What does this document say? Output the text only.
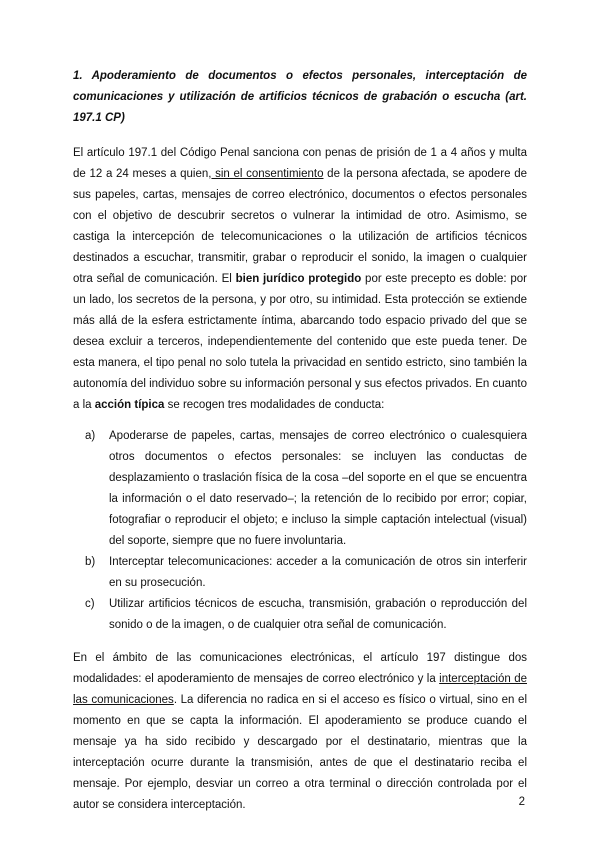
1. Apoderamiento de documentos o efectos personales, interceptación de comunicaciones y utilización de artificios técnicos de grabación o escucha (art. 197.1 CP)

El artículo 197.1 del Código Penal sanciona con penas de prisión de 1 a 4 años y multa de 12 a 24 meses a quien, sin el consentimiento de la persona afectada, se apodere de sus papeles, cartas, mensajes de correo electrónico, documentos o efectos personales con el objetivo de descubrir secretos o vulnerar la intimidad de otro. Asimismo, se castiga la intercepción de telecomunicaciones o la utilización de artificios técnicos destinados a escuchar, transmitir, grabar o reproducir el sonido, la imagen o cualquier otra señal de comunicación. El bien jurídico protegido por este precepto es doble: por un lado, los secretos de la persona, y por otro, su intimidad. Esta protección se extiende más allá de la esfera estrictamente íntima, abarcando todo espacio privado del que se desea excluir a terceros, independientemente del contenido que este pueda tener. De esta manera, el tipo penal no solo tutela la privacidad en sentido estricto, sino también la autonomía del individuo sobre su información personal y sus efectos privados. En cuanto a la acción típica se recogen tres modalidades de conducta:

a) Apoderarse de papeles, cartas, mensajes de correo electrónico o cualesquiera otros documentos o efectos personales: se incluyen las conductas de desplazamiento o traslación física de la cosa –del soporte en el que se encuentra la información o el dato reservado–; la retención de lo recibido por error; copiar, fotografiar o reproducir el objeto; e incluso la simple captación intelectual (visual) del soporte, siempre que no fuere involuntaria.
b) Interceptar telecomunicaciones: acceder a la comunicación de otros sin interferir en su prosecución.
c) Utilizar artificios técnicos de escucha, transmisión, grabación o reproducción del sonido o de la imagen, o de cualquier otra señal de comunicación.

En el ámbito de las comunicaciones electrónicas, el artículo 197 distingue dos modalidades: el apoderamiento de mensajes de correo electrónico y la interceptación de las comunicaciones. La diferencia no radica en si el acceso es físico o virtual, sino en el momento en que se capta la información. El apoderamiento se produce cuando el mensaje ya ha sido recibido y descargado por el destinatario, mientras que la interceptación ocurre durante la transmisión, antes de que el destinatario reciba el mensaje. Por ejemplo, desviar un correo a otra terminal o dirección controlada por el autor se considera interceptación.	2
